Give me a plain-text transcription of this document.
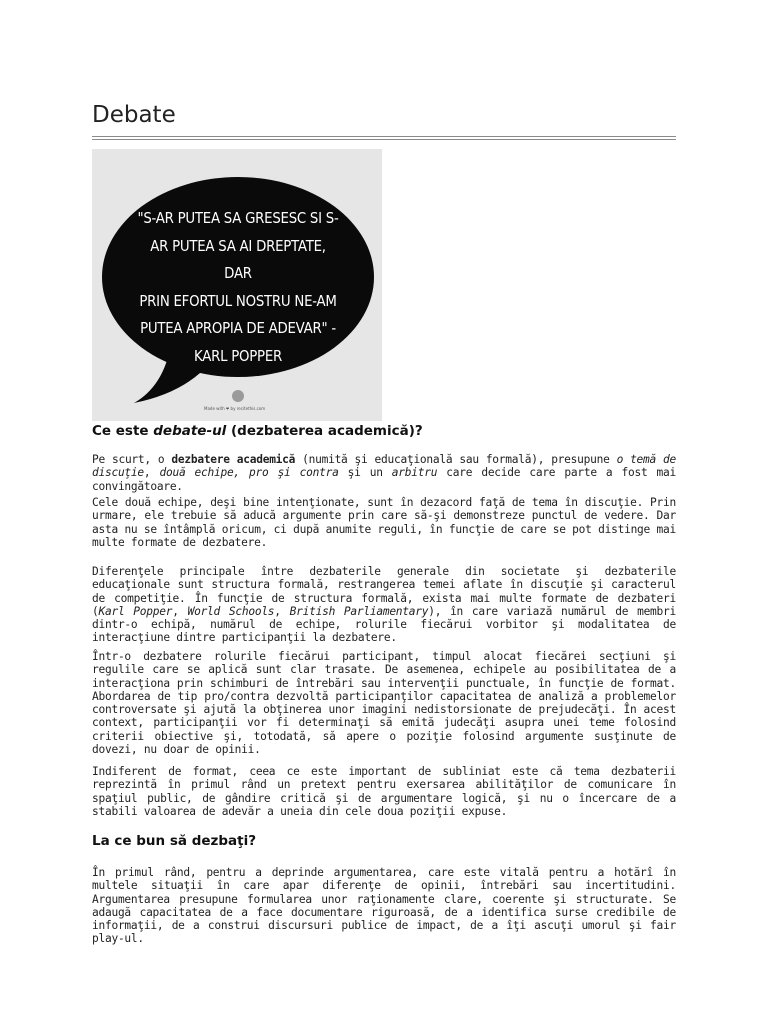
Debate
"S-AR PUTEA SA GRESESC SI S-
AR PUTEA SA AI DREPTATE, DAR
PRIN EFORTUL NOSTRU NE-AM
PUTEA APROPIA DE ADEVAR" -
KARL POPPER
Made with ❤ by recitethis.com
Ce este debate-ul (dezbaterea academică)?

Pe scurt, o dezbatere academică (numită şi educaţională sau formală), presupune o temă de discuţie, două echipe, pro şi contra şi un arbitru care decide care parte a fost mai convingătoare.

Cele două echipe, deşi bine intenţionate, sunt în dezacord faţă de tema în discuţie. Prin urmare, ele trebuie să aducă argumente prin care să-şi demonstreze punctul de vedere. Dar asta nu se întâmplă oricum, ci după anumite reguli, în funcţie de care se pot distinge mai multe formate de dezbatere.

Diferenţele principale între dezbaterile generale din societate şi dezbaterile educaţionale sunt structura formală, restrangerea temei aflate în discuţie şi caracterul de competiţie. În funcţie de structura formală, exista mai multe formate de dezbateri (Karl Popper, World Schools, British Parliamentary), în care variază numărul de membri dintr-o echipă, numărul de echipe, rolurile fiecărui vorbitor şi modalitatea de interacţiune dintre participanţii la dezbatere.

Într-o dezbatere rolurile fiecărui participant, timpul alocat fiecărei secţiuni şi regulile care se aplică sunt clar trasate. De asemenea, echipele au posibilitatea de a interacţiona prin schimburi de întrebări sau intervenţii punctuale, în funcţie de format. Abordarea de tip pro/contra dezvoltă participanţilor capacitatea de analiză a problemelor controversate şi ajută la obţinerea unor imagini nedistorsionate de prejudecăţi. În acest context, participanţii vor fi determinaţi să emită judecăţi asupra unei teme folosind criterii obiective şi, totodată, să apere o poziţie folosind argumente susţinute de dovezi, nu doar de opinii.

Indiferent de format, ceea ce este important de subliniat este că tema dezbaterii reprezintă în primul rând un pretext pentru exersarea abilităţilor de comunicare în spaţiul public, de gândire critică şi de argumentare logică, şi nu o încercare de a stabili valoarea de adevăr a uneia din cele doua poziţii expuse.

La ce bun să dezbaţi?

În primul rând, pentru a deprinde argumentarea, care este vitală pentru a hotărî în multele situaţii în care apar diferenţe de opinii, întrebări sau incertitudini. Argumentarea presupune formularea unor raţionamente clare, coerente şi structurate. Se adaugă capacitatea de a face documentare riguroasă, de a identifica surse credibile de informaţii, de a construi discursuri publice de impact, de a îţi ascuţi umorul şi fair play-ul.
